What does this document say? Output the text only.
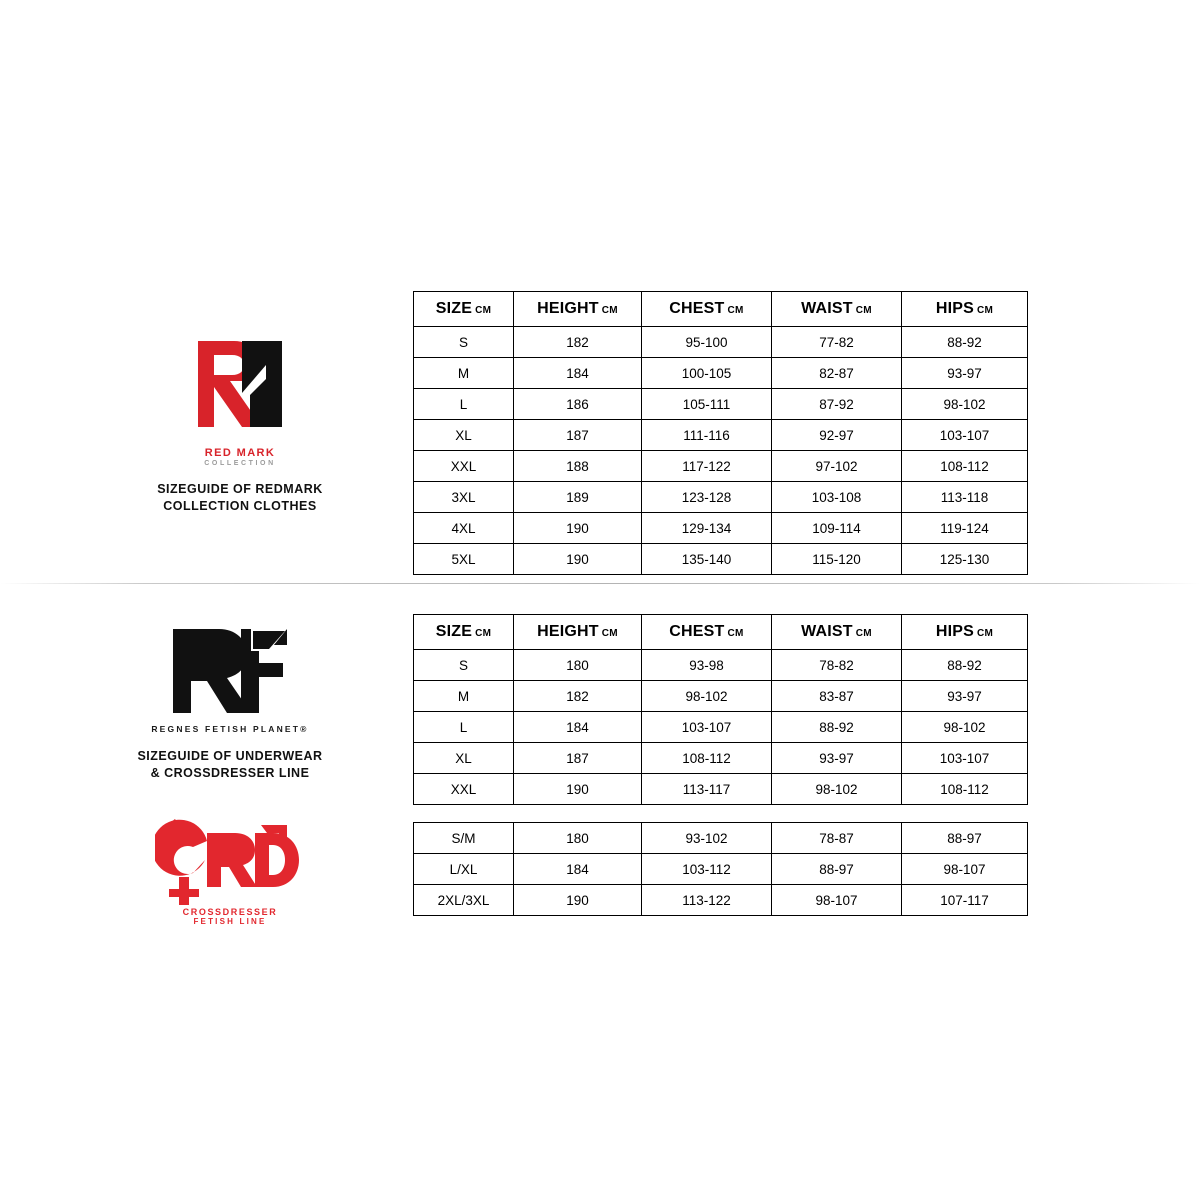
RED MARK
COLLECTION
SIZEGUIDE OF REDMARK
COLLECTION CLOTHES
SIZE CM	HEIGHT CM	CHEST CM	WAIST CM	HIPS CM
S	182	95-100	77-82	88-92
M	184	100-105	82-87	93-97
L	186	105-111	87-92	98-102
XL	187	111-116	92-97	103-107
XXL	188	117-122	97-102	108-112
3XL	189	123-128	103-108	113-118
4XL	190	129-134	109-114	119-124
5XL	190	135-140	115-120	125-130
REGNES FETISH PLANET®
SIZEGUIDE OF UNDERWEAR
& CROSSDRESSER LINE
CROSSDRESSER
FETISH LINE
SIZE CM	HEIGHT CM	CHEST CM	WAIST CM	HIPS CM
S	180	93-98	78-82	88-92
M	182	98-102	83-87	93-97
L	184	103-107	88-92	98-102
XL	187	108-112	93-97	103-107
XXL	190	113-117	98-102	108-112
S/M	180	93-102	78-87	88-97
L/XL	184	103-112	88-97	98-107
2XL/3XL	190	113-122	98-107	107-117
